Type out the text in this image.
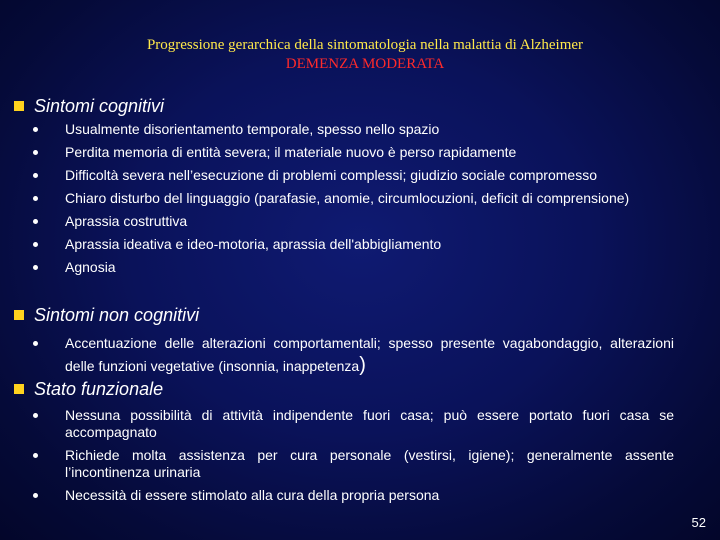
Progressione gerarchica della sintomatologia nella malattia di Alzheimer
DEMENZA MODERATA
Sintomi cognitivi
Usualmente disorientamento temporale, spesso nello spazio
Perdita memoria di entità severa; il materiale nuovo è perso rapidamente
Difficoltà severa nell’esecuzione di problemi complessi; giudizio sociale compromesso
Chiaro disturbo del linguaggio (parafasie, anomie, circumlocuzioni, deficit di comprensione)
Aprassia costruttiva
Aprassia ideativa e ideo-motoria, aprassia dell'abbigliamento
Agnosia
Sintomi non cognitivi
Accentuazione delle alterazioni comportamentali; spesso presente vagabondaggio, alterazioni delle funzioni vegetative (insonnia, inappetenza)
Stato funzionale
Nessuna possibilità di attività indipendente fuori casa; può essere portato fuori casa se accompagnato
Richiede molta assistenza per cura personale (vestirsi, igiene); generalmente assente l’incontinenza urinaria
Necessità di essere stimolato alla cura della propria persona
52
